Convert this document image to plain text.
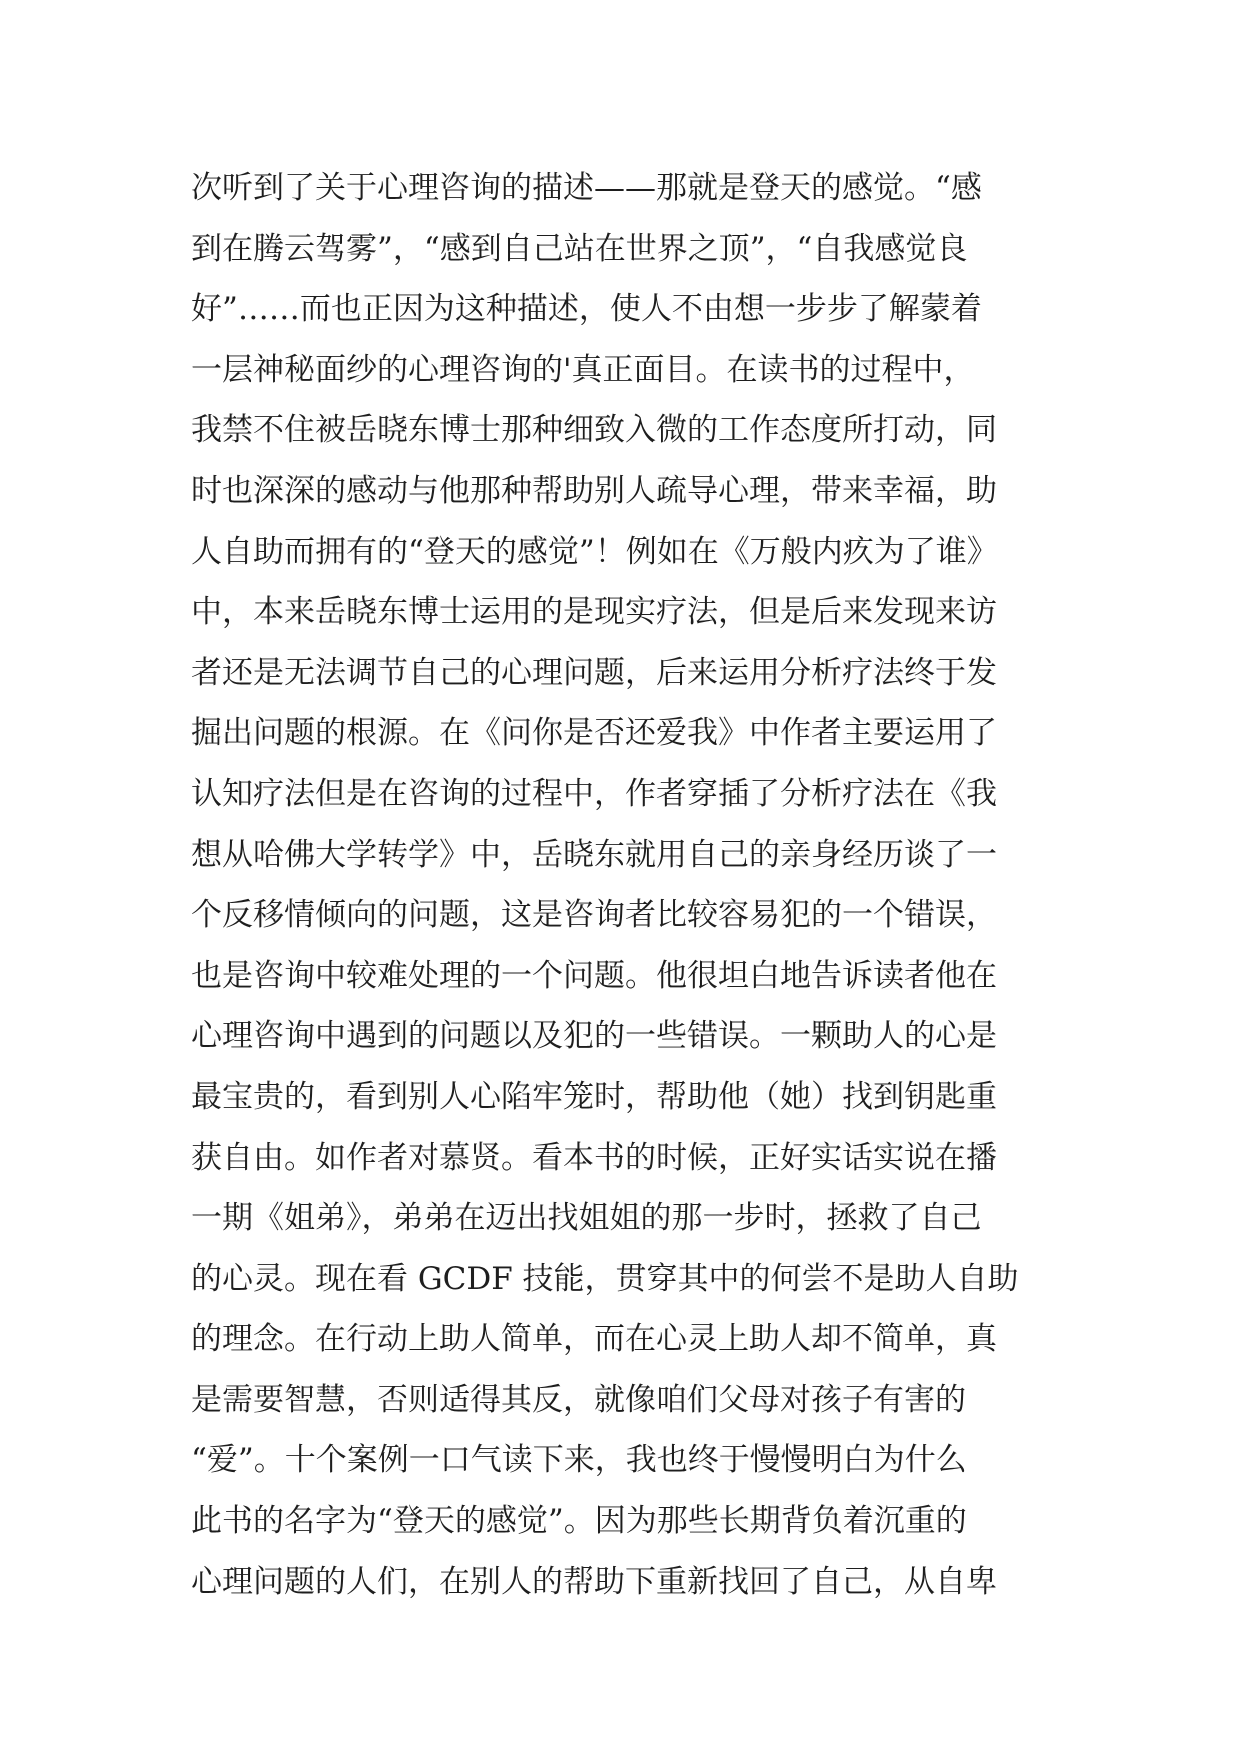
次听到了关于心理咨询的描述——那就是登天的感觉。“感
到在腾云驾雾”，“感到自己站在世界之顶”，“自我感觉良
好”……而也正因为这种描述，使人不由想一步步了解蒙着
一层神秘面纱的心理咨询的'真正面目。在读书的过程中，
我禁不住被岳晓东博士那种细致入微的工作态度所打动，同
时也深深的感动与他那种帮助别人疏导心理，带来幸福，助
人自助而拥有的“登天的感觉”！例如在《万般内疚为了谁》
中，本来岳晓东博士运用的是现实疗法，但是后来发现来访
者还是无法调节自己的心理问题，后来运用分析疗法终于发
掘出问题的根源。在《问你是否还爱我》中作者主要运用了
认知疗法但是在咨询的过程中，作者穿插了分析疗法在《我
想从哈佛大学转学》中，岳晓东就用自己的亲身经历谈了一
个反移情倾向的问题，这是咨询者比较容易犯的一个错误，
也是咨询中较难处理的一个问题。他很坦白地告诉读者他在
心理咨询中遇到的问题以及犯的一些错误。一颗助人的心是
最宝贵的，看到别人心陷牢笼时，帮助他（她）找到钥匙重
获自由。如作者对慕贤。看本书的时候，正好实话实说在播
一期《姐弟》，弟弟在迈出找姐姐的那一步时，拯救了自己
的心灵。现在看 GCDF 技能，贯穿其中的何尝不是助人自助
的理念。在行动上助人简单，而在心灵上助人却不简单，真
是需要智慧，否则适得其反，就像咱们父母对孩子有害的
“爱”。十个案例一口气读下来，我也终于慢慢明白为什么
此书的名字为“登天的感觉”。因为那些长期背负着沉重的
心理问题的人们，在别人的帮助下重新找回了自己，从自卑
